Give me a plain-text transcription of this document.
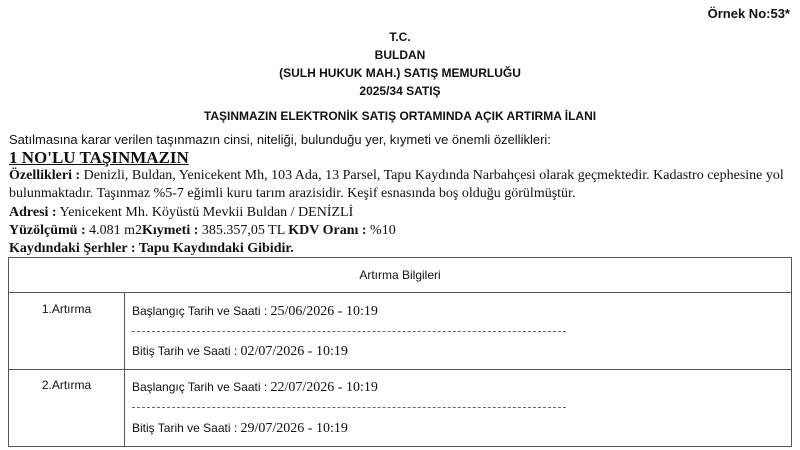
Örnek No:53*
T.C.
BULDAN
(SULH HUKUK MAH.) SATIŞ MEMURLUĞU
2025/34 SATIŞ
TAŞINMAZIN ELEKTRONİK SATIŞ ORTAMINDA AÇIK ARTIRMA İLANI
Satılmasına karar verilen taşınmazın cinsi, niteliği, bulunduğu yer, kıymeti ve önemli özellikleri:
1 NO'LU TAŞINMAZIN
Özellikleri : Denizli, Buldan, Yenicekent Mh, 103 Ada, 13 Parsel, Tapu Kaydında Narbahçesi olarak geçmektedir. Kadastro cephesine yol bulunmaktadır. Taşınmaz %5-7 eğimli kuru tarım arazisidir. Keşif esnasında boş olduğu görülmüştür.
Adresi : Yenicekent Mh. Köyüstü Mevkii Buldan / DENİZLİ
Yüzölçümü : 4.081 m2Kıymeti : 385.357,05 TL KDV Oranı : %10
Kaydındaki Şerhler : Tapu Kaydındaki Gibidir.
Artırma Bilgileri
1.Artırma	Başlangıç Tarih ve Saati : 25/06/2026 - 10:19
Bitiş Tarih ve Saati : 02/07/2026 - 10:19
2.Artırma	Başlangıç Tarih ve Saati : 22/07/2026 - 10:19
Bitiş Tarih ve Saati : 29/07/2026 - 10:19
